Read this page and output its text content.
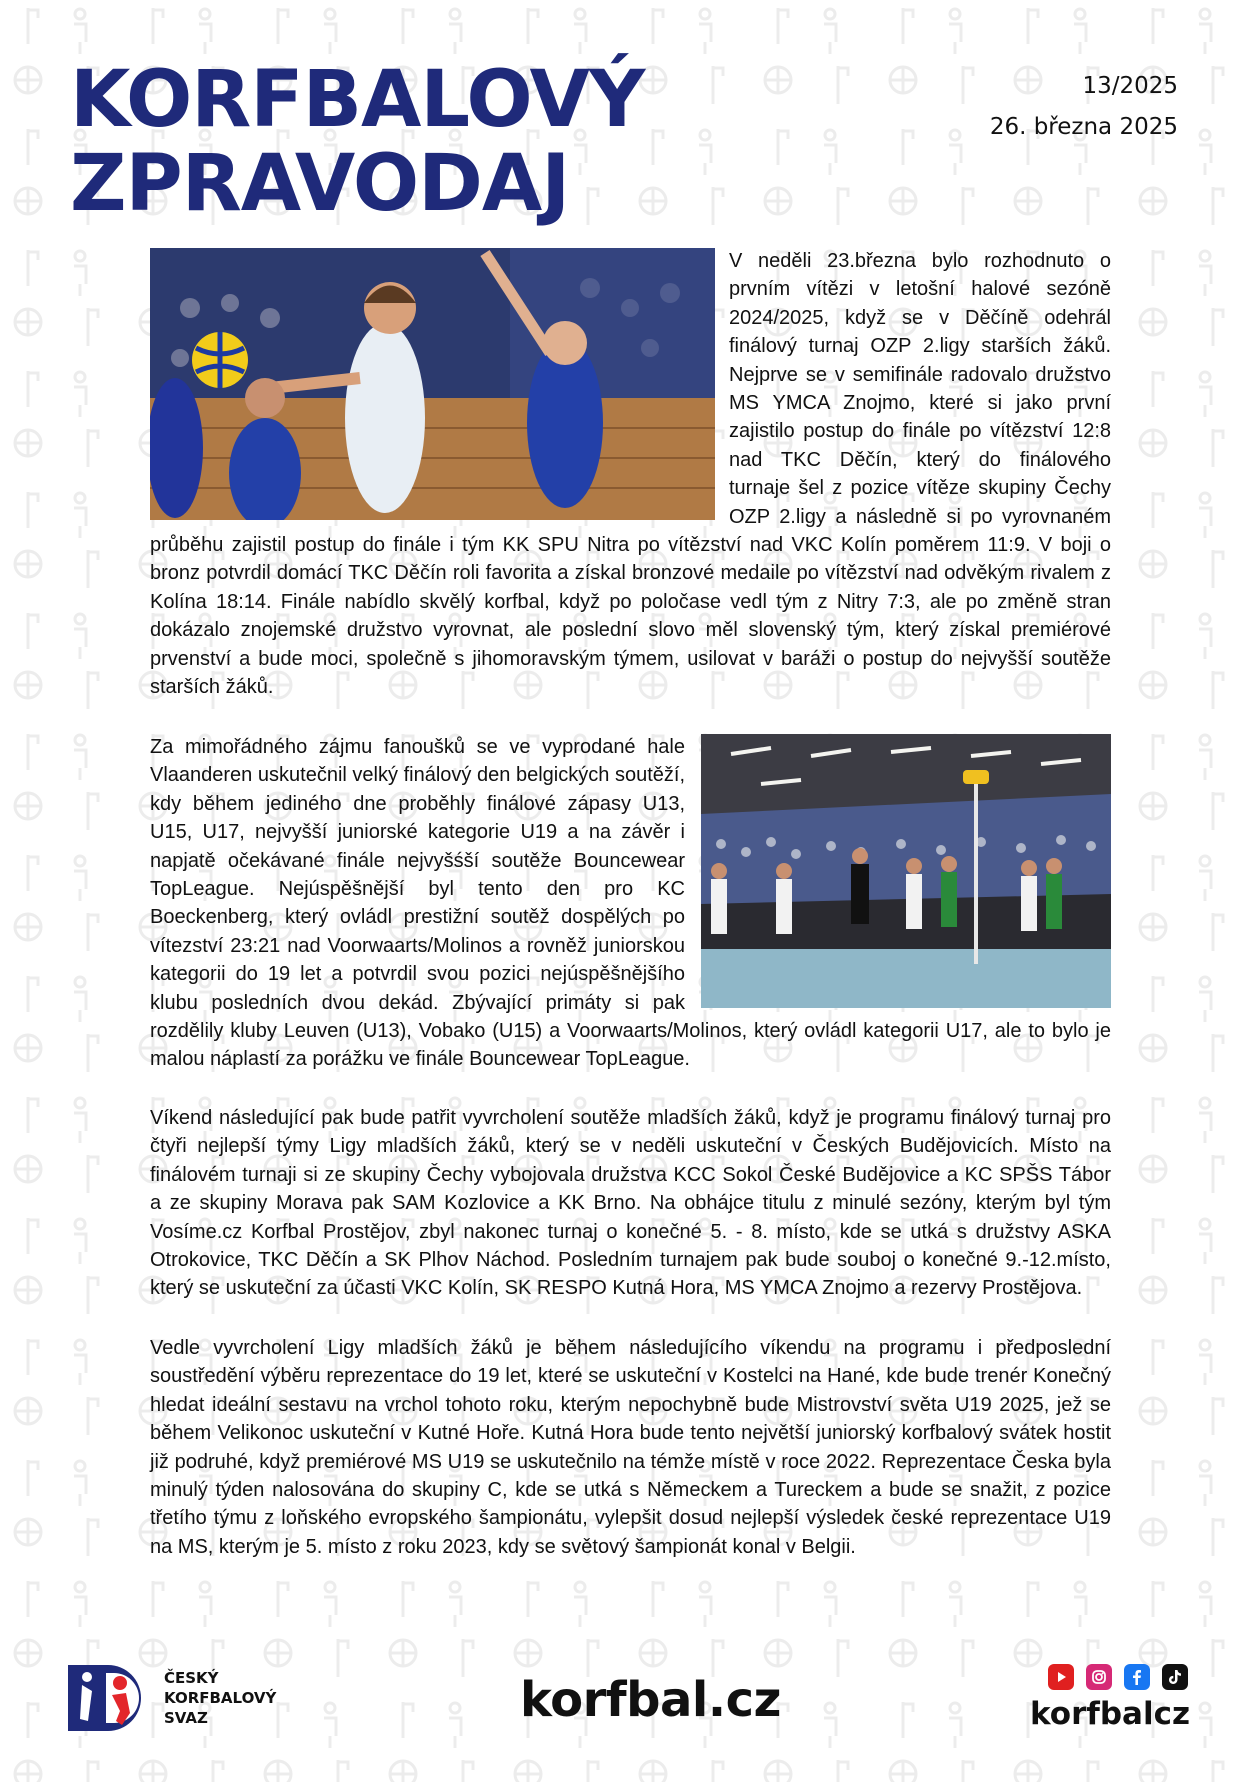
KORFBALOVÝ
ZPRAVODAJ
13/2025
26. března 2025
V neděli 23.března bylo rozhodnuto o prvním vítězi v letošní halové sezóně 2024/2025, když se v Děčíně odehrál finálový turnaj OZP 2.ligy starších žáků. Nejprve se v semifinále radovalo družstvo MS YMCA Znojmo, které si jako první zajistilo postup do finále po vítězství 12:8 nad TKC Děčín, který do finálového turnaje šel z pozice vítěze skupiny Čechy OZP 2.ligy a následně si po vyrovnaném průběhu zajistil postup do finále i tým KK SPU Nitra po vítězství nad VKC Kolín poměrem 11:9. V boji o bronz potvrdil domácí TKC Děčín roli favorita a získal bronzové medaile po vítězství nad odvěkým rivalem z Kolína 18:14. Finále nabídlo skvělý korfbal, když po poločase vedl tým z Nitry 7:3, ale po změně stran dokázalo znojemské družstvo vyrovnat, ale poslední slovo měl slovenský tým, který získal premiérové prvenství a bude moci, společně s jihomoravským týmem, usilovat v baráži o postup do nejvyšší soutěže starších žáků.
Za mimořádného zájmu fanoušků se ve vyprodané hale Vlaanderen uskutečnil velký finálový den belgických soutěží, kdy během jediného dne proběhly finálové zápasy U13, U15, U17, nejvyšší juniorské kategorie U19 a na závěr i napjatě očekávané finále nejvyšśší soutěže Bouncewear TopLeague. Nejúspěšnější byl tento den pro KC Boeckenberg, který ovládl prestižní soutěž dospělých po vítezství 23:21 nad Voorwaarts/Molinos a rovněž juniorskou kategorii do 19 let a potvrdil svou pozici nejúspěšnějšího klubu posledních dvou dekád. Zbývající primáty si pak rozdělily kluby Leuven (U13), Vobako (U15) a Voorwaarts/Molinos, který ovládl kategorii U17, ale to bylo je malou náplastí za porážku ve finále Bouncewear TopLeague.
Víkend následující pak bude patřit vyvrcholení soutěže mladších žáků, když je programu finálový turnaj pro čtyři nejlepší týmy Ligy mladších žáků, který se v neděli uskuteční v Českých Budějovicích. Místo na finálovém turnaji si ze skupiny Čechy vybojovala družstva KCC Sokol České Budějovice a KC SPŠS Tábor a ze skupiny Morava pak SAM Kozlovice a KK Brno. Na obhájce titulu z minulé sezóny, kterým byl tým Vosíme.cz Korfbal Prostějov, zbyl nakonec turnaj o konečné 5. - 8. místo, kde se utká s družstvy ASKA Otrokovice, TKC Děčín a SK Plhov Náchod. Posledním turnajem pak bude souboj o konečné 9.-12.místo, který se uskuteční za účasti VKC Kolín, SK RESPO Kutná Hora, MS YMCA Znojmo a rezervy Prostějova.
Vedle vyvrcholení Ligy mladších žáků je během následujícího víkendu na programu i předposlední soustředění výběru reprezentace do 19 let, které se uskuteční v Kostelci na Hané, kde bude trenér Konečný hledat ideální sestavu na vrchol tohoto roku, kterým nepochybně bude Mistrovství světa U19 2025, jež se během Velikonoc uskuteční v Kutné Hoře. Kutná Hora bude tento největší juniorský korfbalový svátek hostit již podruhé, když premiérové MS U19 se uskutečnilo na témže místě v roce 2022. Reprezentace Česka byla minulý týden nalosována do skupiny C, kde se utká s Německem a Tureckem a bude se snažit, z pozice třetího týmu z loňského evropského šampionátu, vylepšit dosud nejlepší výsledek české reprezentace U19 na MS, kterým je 5. místo z roku 2023, kdy se světový šampionát konal v Belgii.
ČESKÝ
KORFBALOVÝ
SVAZ	korfbal.cz	korfbalcz
